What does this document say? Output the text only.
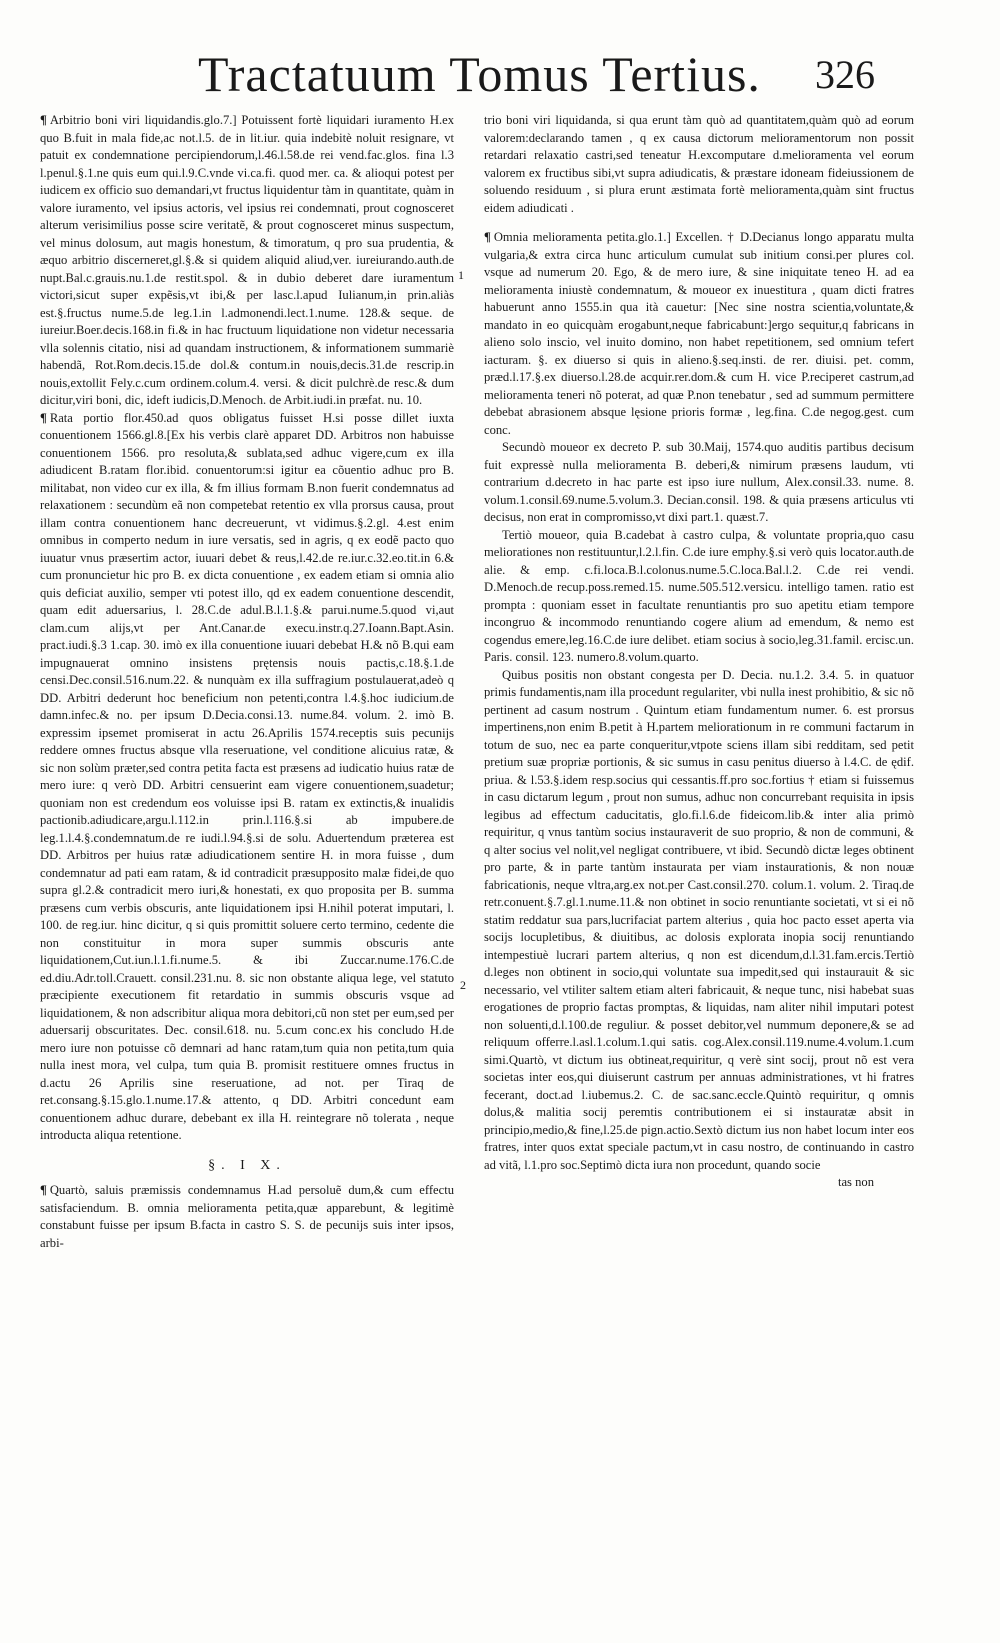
Tractatuum Tomus Tertius. 326
1
2

¶ Arbitrio boni viri liquidandis.glo.7.] Potuissent fortè liquidari iuramento H.ex quo B.fuit in mala fide,ac not.l.5. de in lit.iur. quia indebitè noluit resignare, vt patuit ex condemnatione percipiendorum,l.46.l.58.de rei vend.fac.glos. fina l.3 l.penul.§.1.ne quis eum qui.l.9.C.vnde vi.ca.fi. quod mer. ca. & alioqui potest per iudicem ex officio suo demandari,vt fructus liquidentur tàm in quantitate, quàm in valore iuramento, vel ipsius actoris, vel ipsius rei condemnati, prout cognosceret alterum verisimilius posse scire veritatẽ, & prout cognosceret minus suspectum, vel minus dolosum, aut magis honestum, & timoratum, q pro sua prudentia, & æquo arbitrio discerneret,gl.§.& si quidem aliquid aliud,ver. iureiurando.auth.de nupt.Bal.c.grauis.nu.1.de restit.spol. & in dubio deberet dare iuramentum victori,sicut super expẽsis,vt ibi,& per lasc.l.apud Iulianum,in prin.aliàs est.§.fructus nume.5.de leg.1.in l.admonendi.lect.1.nume. 128.& seque. de iureiur.Boer.decis.168.in fi.& in hac fructuum liquidatione non videtur necessaria vlla solennis citatio, nisi ad quandam instructionem, & informationem summariè habendã, Rot.Rom.decis.15.de dol.& contum.in nouis,decis.31.de rescrip.in nouis,extollit Fely.c.cum ordinem.colum.4. versi. & dicit pulchrè.de resc.& dum dicitur,viri boni, dic, ideft iudicis,D.Menoch. de Arbit.iudi.in præfat. nu. 10.

¶ Rata portio flor.450.ad quos obligatus fuisset H.si posse dillet iuxta conuentionem 1566.gl.8.[Ex his verbis clarè apparet DD. Arbitros non habuisse conuentionem 1566. pro resoluta,& sublata,sed adhuc vigere,cum ex illa adiudicent B.ratam flor.ibid. conuentorum:si igitur ea cõuentio adhuc pro B. militabat, non video cur ex illa, & fm illius formam B.non fuerit condemnatus ad relaxationem : secundùm eã non competebat retentio ex vlla prorsus causa, prout illam contra conuentionem hanc decreuerunt, vt vidimus.§.2.gl. 4.est enim omnibus in comperto nedum in iure versatis, sed in agris, q ex eodẽ pacto quo iuuatur vnus præsertim actor, iuuari debet & reus,l.42.de re.iur.c.32.eo.tit.in 6.& cum pronuncietur hic pro B. ex dicta conuentione , ex eadem etiam si omnia alio quis deficiat auxilio, semper vti potest illo, qd ex eadem conuentione descendit, quam edit aduersarius, l. 28.C.de adul.B.l.1.§.& parui.nume.5.quod vi,aut clam.cum alijs,vt per Ant.Canar.de execu.instr.q.27.Ioann.Bapt.Asin. pract.iudi.§.3 1.cap. 30. imò ex illa conuentione iuuari debebat H.& nõ B.qui eam impugnauerat omnino insistens prętensis nouis pactis,c.18.§.1.de censi.Dec.consil.516.num.22. & nunquàm ex illa suffragium postulauerat,adeò q DD. Arbitri dederunt hoc beneficium non petenti,contra l.4.§.hoc iudicium.de damn.infec.& no. per ipsum D.Decia.consi.13. nume.84. volum. 2. imò B. expressim ipsemet promiserat in actu 26.Aprilis 1574.receptis suis pecunijs reddere omnes fructus absque vlla reseruatione, vel conditione alicuius ratæ, & sic non solùm præter,sed contra petita facta est præsens ad iudicatio huius ratæ de mero iure: q verò DD. Arbitri censuerint eam vigere conuentionem,suadetur; quoniam non est credendum eos voluisse ipsi B. ratam ex extinctis,& inualidis pactionib.adiudicare,argu.l.112.in prin.l.116.§.si ab impubere.de leg.1.l.4.§.condemnatum.de re iudi.l.94.§.si de solu. Aduertendum præterea est DD. Arbitros per huius ratæ adiudicationem sentire H. in mora fuisse , dum condemnatur ad pati eam ratam, & id contradicit præsupposito malæ fidei,de quo supra gl.2.& contradicit mero iuri,& honestati, ex quo proposita per B. summa præsens cum verbis obscuris, ante liquidationem ipsi H.nihil poterat imputari, l. 100. de reg.iur. hinc dicitur, q si quis promittit soluere certo termino, cedente die non constituitur in mora super summis obscuris ante liquidationem,Cut.iun.l.1.fi.nume.5. & ibi Zuccar.nume.176.C.de ed.diu.Adr.toll.Crauett. consil.231.nu. 8. sic non obstante aliqua lege, vel statuto præcipiente executionem fit retardatio in summis obscuris vsque ad liquidationem, & non adscribitur aliqua mora debitori,cũ non stet per eum,sed per aduersarij obscuritates. Dec. consil.618. nu. 5.cum conc.ex his concludo H.de mero iure non potuisse cõ demnari ad hanc ratam,tum quia non petita,tum quia nulla inest mora, vel culpa, tum quia B. promisit restituere omnes fructus in d.actu 26 Aprilis sine reseruatione, ad not. per Tiraq de ret.consang.§.15.glo.1.nume.17.& attento, q DD. Arbitri concedunt eam conuentionem adhuc durare, debebant ex illa H. reintegrare nõ tolerata , neque introducta aliqua retentione.

§. I X.

¶ Quartò, saluis præmissis condemnamus H.ad persoluẽ dum,& cum effectu satisfaciendum. B. omnia melioramenta petita,quæ apparebunt, & legitimè constabunt fuisse per ipsum B.facta in castro S. S. de pecunijs suis inter ipsos, arbi-

trio boni viri liquidanda, si qua erunt tàm quò ad quantitatem,quàm quò ad eorum valorem:declarando tamen , q ex causa dictorum melioramentorum non possit retardari relaxatio castri,sed teneatur H.excomputare d.melioramenta vel eorum valorem ex fructibus sibi,vt supra adiudicatis, & præstare idoneam fideiussionem de soluendo residuum , si plura erunt æstimata fortè melioramenta,quàm sint fructus eidem adiudicati .

¶ Omnia melioramenta petita.glo.1.] Excellen. † D.Decianus longo apparatu multa vulgaria,& extra circa hunc articulum cumulat sub initium consi.per plures col. vsque ad numerum 20. Ego, & de mero iure, & sine iniquitate teneo H. ad ea melioramenta iniustè condemnatum, & moueor ex inuestitura , quam dicti fratres habuerunt anno 1555.in qua ità cauetur: [Nec sine nostra scientia,voluntate,& mandato in eo quicquàm erogabunt,neque fabricabunt:]ergo sequitur,q fabricans in alieno solo inscio, vel inuito domino, non habet repetitionem, sed omnium tefert iacturam. §. ex diuerso si quis in alieno.§.seq.insti. de rer. diuisi. pet. comm, præd.l.17.§.ex diuerso.l.28.de acquir.rer.dom.& cum H. vice P.reciperet castrum,ad melioramenta teneri nõ poterat, ad quæ P.non tenebatur , sed ad summum permittere debebat abrasionem absque lęsione prioris formæ , leg.fina. C.de negog.gest. cum conc.

Secundò moueor ex decreto P. sub 30.Maij, 1574.quo auditis partibus decisum fuit expressè nulla melioramenta B. deberi,& nimirum præsens laudum, vti contrarium d.decreto in hac parte est ipso iure nullum, Alex.consil.33. nume. 8. volum.1.consil.69.nume.5.volum.3. Decian.consil. 198. & quia præsens articulus vti decisus, non erat in compromisso,vt dixi part.1. quæst.7.

Tertiò moueor, quia B.cadebat à castro culpa, & voluntate propria,quo casu meliorationes non restituuntur,l.2.l.fin. C.de iure emphy.§.si verò quis locator.auth.de alie. & emp. c.fi.loca.B.l.colonus.nume.5.C.loca.Bal.l.2. C.de rei vendi. D.Menoch.de recup.poss.remed.15. nume.505.512.versicu. intelligo tamen. ratio est prompta : quoniam esset in facultate renuntiantis pro suo apetitu etiam tempore incongruo & incommodo renuntiando cogere alium ad emendum, & nemo est cogendus emere,leg.16.C.de iure delibet. etiam socius à socio,leg.31.famil. ercisc.un. Paris. consil. 123. numero.8.volum.quarto.

Quibus positis non obstant congesta per D. Decia. nu.1.2. 3.4. 5. in quatuor primis fundamentis,nam illa procedunt regulariter, vbi nulla inest prohibitio, & sic nõ pertinent ad casum nostrum . Quintum etiam fundamentum numer. 6. est prorsus impertinens,non enim B.petit à H.partem meliorationum in re communi factarum in totum de suo, nec ea parte conqueritur,vtpote sciens illam sibi redditam, sed petit pretium suæ propriæ portionis, & sic sumus in casu penitus diuerso à l.4.C. de ędif. priua. & l.53.§.idem resp.socius qui cessantis.ff.pro soc.fortius † etiam si fuissemus in casu dictarum legum , prout non sumus, adhuc non concurrebant requisita in ipsis legibus ad effectum caducitatis, glo.fi.l.6.de fideicom.lib.& inter alia primò requiritur, q vnus tantùm socius instauraverit de suo proprio, & non de communi, & q alter socius vel nolit,vel negligat contribuere, vt ibid. Secundò dictæ leges obtinent pro parte, & in parte tantùm instaurata per viam instaurationis, & non nouæ fabricationis, neque vltra,arg.ex not.per Cast.consil.270. colum.1. volum. 2. Tiraq.de retr.conuent.§.7.gl.1.nume.11.& non obtinet in socio renuntiante societati, vt si ei nõ statim reddatur sua pars,lucrifaciat partem alterius , quia hoc pacto esset aperta via socijs locupletibus, & diuitibus, ac dolosis explorata inopia socij renuntiando intempestiuè lucrari partem alterius, q non est dicendum,d.l.31.fam.ercis.Tertiò d.leges non obtinent in socio,qui voluntate sua impedit,sed qui instaurauit & sic necessario, vel vtiliter saltem etiam alteri fabricauit, & neque tunc, nisi habebat suas erogationes de proprio factas promptas, & liquidas, nam aliter nihil imputari potest non soluenti,d.l.100.de reguliur. & posset debitor,vel nummum deponere,& se ad reliquum offerre.l.asl.1.colum.1.qui satis. cog.Alex.consil.119.nume.4.volum.1.cum simi.Quartò, vt dictum ius obtineat,requiritur, q verè sint socij, prout nõ est vera societas inter eos,qui diuiserunt castrum per annuas administrationes, vt hi fratres fecerant, doct.ad l.iubemus.2. C. de sac.sanc.eccle.Quintò requiritur, q omnis dolus,& malitia socij peremtis contributionem ei si instauratæ absit in principio,medio,& fine,l.25.de pign.actio.Sextò dictum ius non habet locum inter eos fratres, inter quos extat speciale pactum,vt in casu nostro, de continuando in castro ad vitã, l.1.pro soc.Septimò dicta iura non procedunt, quando socie

tas non
